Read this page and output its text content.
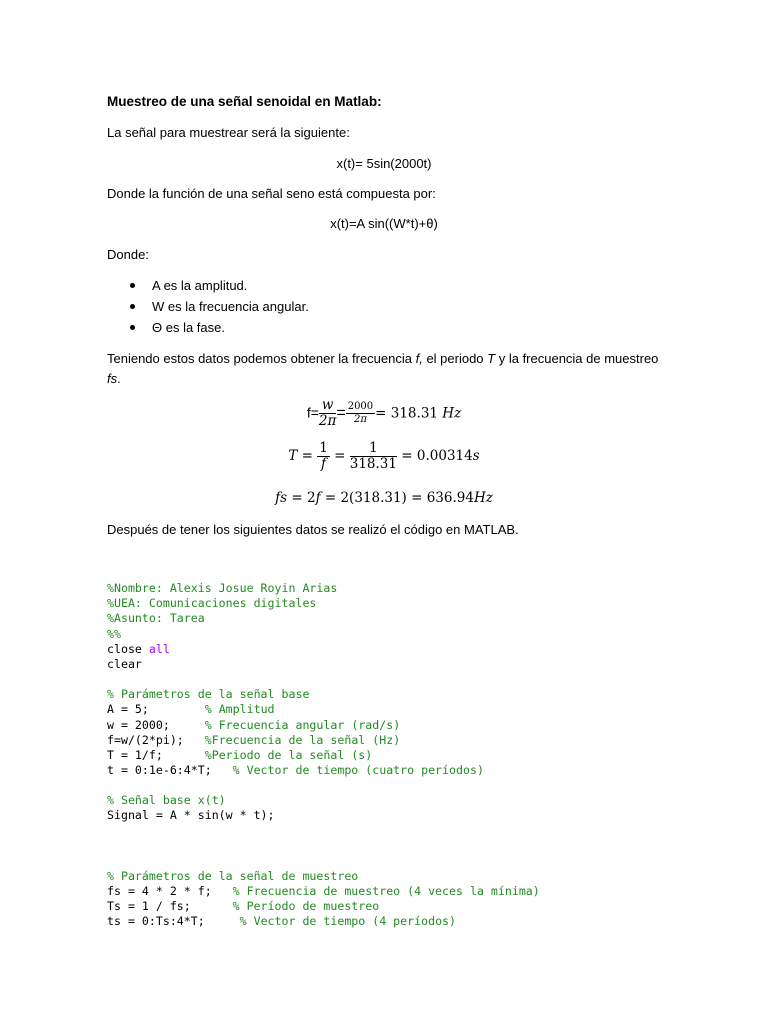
Muestreo de una señal senoidal en Matlab:
La señal para muestrear será la siguiente:
x(t)= 5sin(2000t)
Donde la función de una señal seno está compuesta por:
x(t)=A sin((W*t)+θ)
Donde:
A es la amplitud.
W es la frecuencia angular.
Θ es la fase.
Teniendo estos datos podemos obtener la frecuencia f, el periodo T y la frecuencia de muestreo
fs.
$f= \frac{w}{2\pi} = \frac{2000}{2\pi} = 318.31$ Hz
$T = \frac{1}{f} = \frac{1}{318.31} = 0.00314s$
fs = 2f = 2(318.31) = 636.94Hz
Después de tener los siguientes datos se realizó el código en MATLAB.
%Nombre: Alexis Josue Royin Arias
%UEA: Comunicaciones digitales
%Asunto: Tarea
%%
close all
clear
% Parámetros de la señal base
A = 5;        % Amplitud
w = 2000;     % Frecuencia angular (rad/s)
f=w/(2*pi);   %Frecuencia de la señal (Hz)
T = 1/f;      %Periodo de la señal (s)
t = 0:1e-6:4*T;   % Vector de tiempo (cuatro períodos)
% Señal base x(t)
Signal = A * sin(w * t);
% Parámetros de la señal de muestreo
fs = 4 * 2 * f;   % Frecuencia de muestreo (4 veces la mínima)
Ts = 1 / fs;      % Período de muestreo
ts = 0:Ts:4*T;     % Vector de tiempo (4 períodos)
